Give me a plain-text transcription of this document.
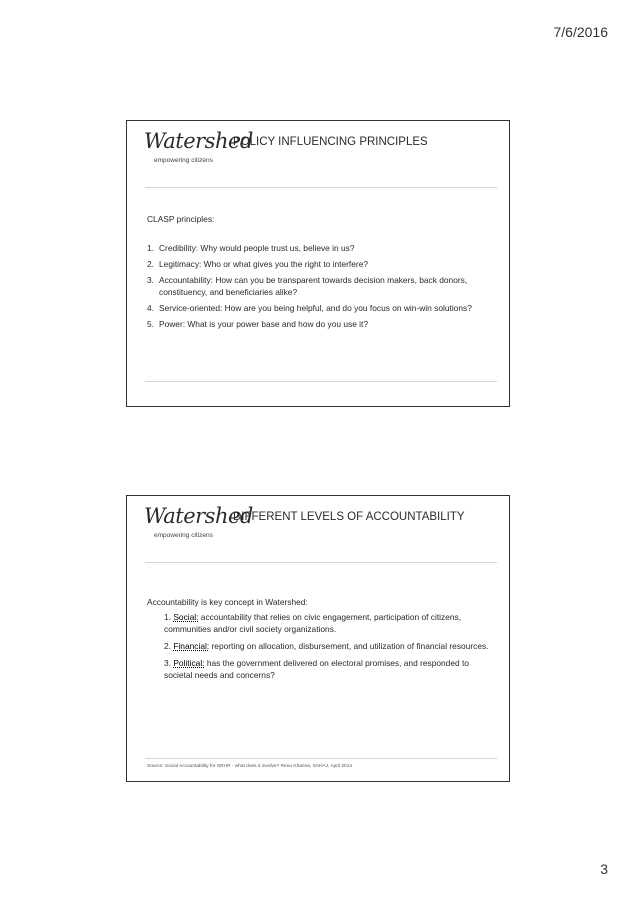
7/6/2016
Watershed
empowering citizens
POLICY INFLUENCING PRINCIPLES

CLASP principles:

1. Credibility: Why would people trust us, believe in us?
2. Legitimacy: Who or what gives you the right to interfere?
3. Accountability: How can you be transparent towards decision makers, back donors, constituency, and beneficiaries alike?
4. Service-oriented: How are you being helpful, and do you focus on win-win solutions?
5. Power: What is your power base and how do you use it?
Watershed
empowering citizens
DIFFERENT LEVELS OF ACCOUNTABILITY

Accountability is key concept in Watershed:

1. Social: accountability that relies on civic engagement, participation of citizens, communities and/or civil society organizations.
2. Financial: reporting on allocation, disbursement, and utilization of financial resources.
3. Political: has the government delivered on electoral promises, and responded to societal needs and concerns?
Source: Social Accountability for SRHR - what does it involve? Renu Khanna, SAHAJ, April 2014
3
